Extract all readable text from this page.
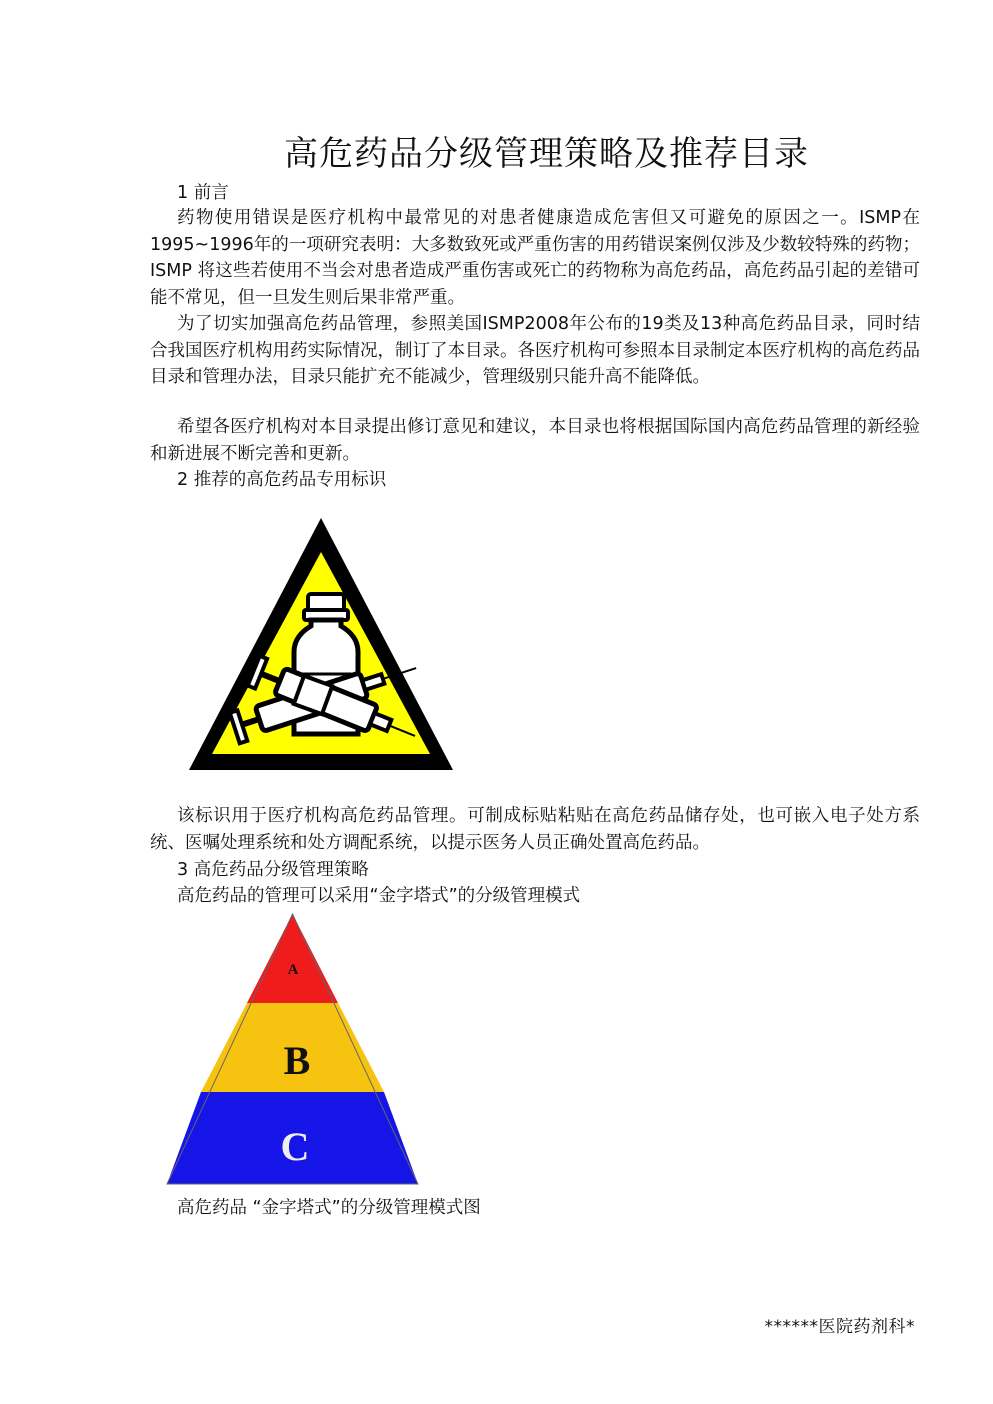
高危药品分级管理策略及推荐目录
1 前言

药物使用错误是医疗机构中最常见的对患者健康造成危害但又可避免的原因之一。ISMP在1995~1996年的一项研究表明：大多数致死或严重伤害的用药错误案例仅涉及少数较特殊的药物；ISMP 将这些若使用不当会对患者造成严重伤害或死亡的药物称为高危药品，高危药品引起的差错可能不常见，但一旦发生则后果非常严重。

为了切实加强高危药品管理，参照美国ISMP2008年公布的19类及13种高危药品目录，同时结合我国医疗机构用药实际情况，制订了本目录。各医疗机构可参照本目录制定本医疗机构的高危药品目录和管理办法，目录只能扩充不能减少，管理级别只能升高不能降低。

希望各医疗机构对本目录提出修订意见和建议，本目录也将根据国际国内高危药品管理的新经验和新进展不断完善和更新。

2 推荐的高危药品专用标识

该标识用于医疗机构高危药品管理。可制成标贴粘贴在高危药品储存处，也可嵌入电子处方系统、医嘱处理系统和处方调配系统，以提示医务人员正确处置高危药品。

3 高危药品分级管理策略
高危药品的管理可以采用“金字塔式”的分级管理模式
A
B
C
高危药品 “金字塔式”的分级管理模式图
******医院药剂科*
